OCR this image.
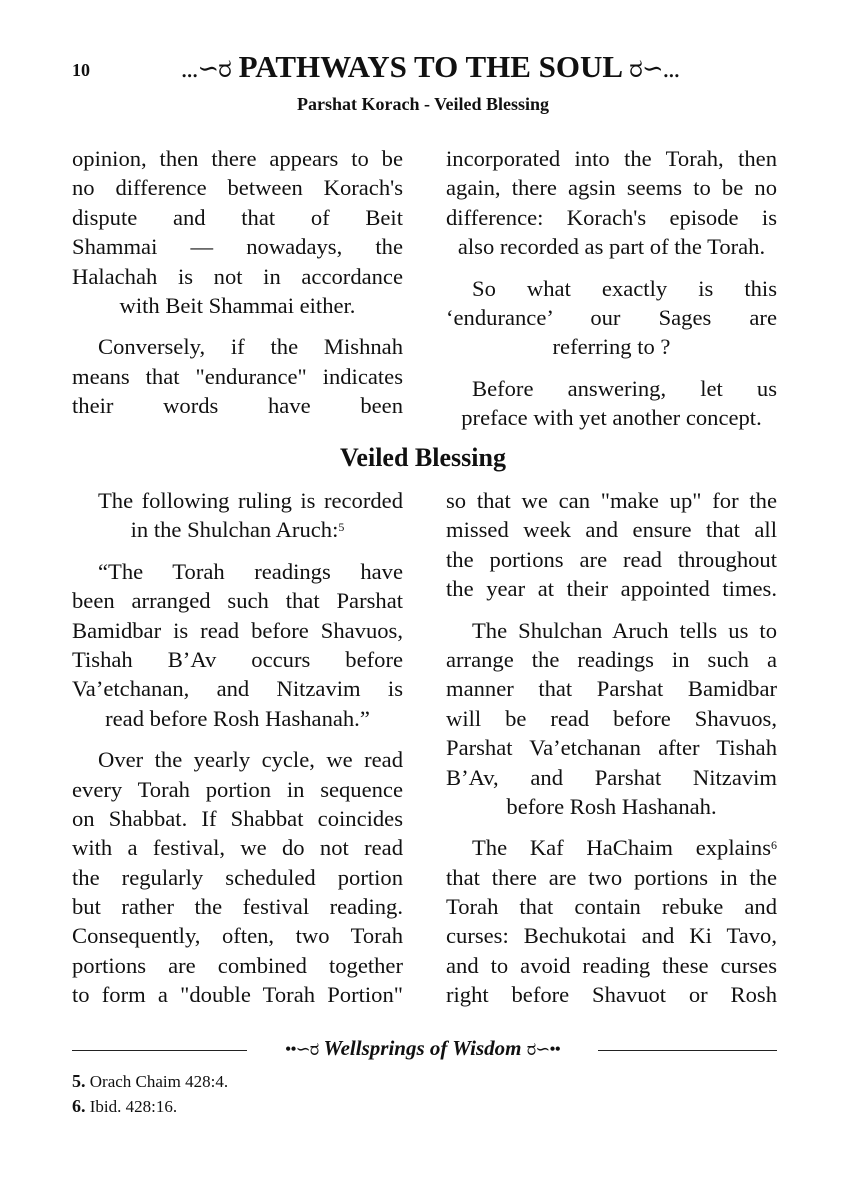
10	...∽ರ PATHWAYS TO THE SOUL ರ∽...
Parshat Korach - Veiled Blessing
opinion, then there appears to be
no difference between Korach's
dispute and that of Beit
Shammai — nowadays, the
Halachah is not in accordance
with Beit Shammai either.
Conversely, if the Mishnah
means that "endurance" indicates
their words have been
incorporated into the Torah, then
again, there agsin seems to be no
difference: Korach's episode is
also recorded as part of the Torah.
So what exactly is this
‘endurance’ our Sages are
referring to ?
Before answering, let us
preface with yet another concept.
Veiled Blessing
The following ruling is recorded
in the Shulchan Aruch:$^5$
“The Torah readings have
been arranged such that Parshat
Bamidbar is read before Shavuos,
Tishah B’Av occurs before
Va’etchanan, and Nitzavim is
read before Rosh Hashanah.”
Over the yearly cycle, we read
every Torah portion in sequence
on Shabbat. If Shabbat coincides
with a festival, we do not read
the regularly scheduled portion
but rather the festival reading.
Consequently, often, two Torah
portions are combined together
to form a "double Torah Portion"
so that we can "make up" for the
missed week and ensure that all
the portions are read throughout
the year at their appointed times.
The Shulchan Aruch tells us to
arrange the readings in such a
manner that Parshat Bamidbar
will be read before Shavuos,
Parshat Va’etchanan after Tishah
B’Av, and Parshat Nitzavim
before Rosh Hashanah.
The Kaf HaChaim explains$^6$
that there are two portions in the
Torah that contain rebuke and
curses: Bechukotai and Ki Tavo,
and to avoid reading these curses
right before Shavuot or Rosh
••∽ರ Wellsprings of Wisdom ರ∽••
5. Orach Chaim 428:4.
6. Ibid. 428:16.
